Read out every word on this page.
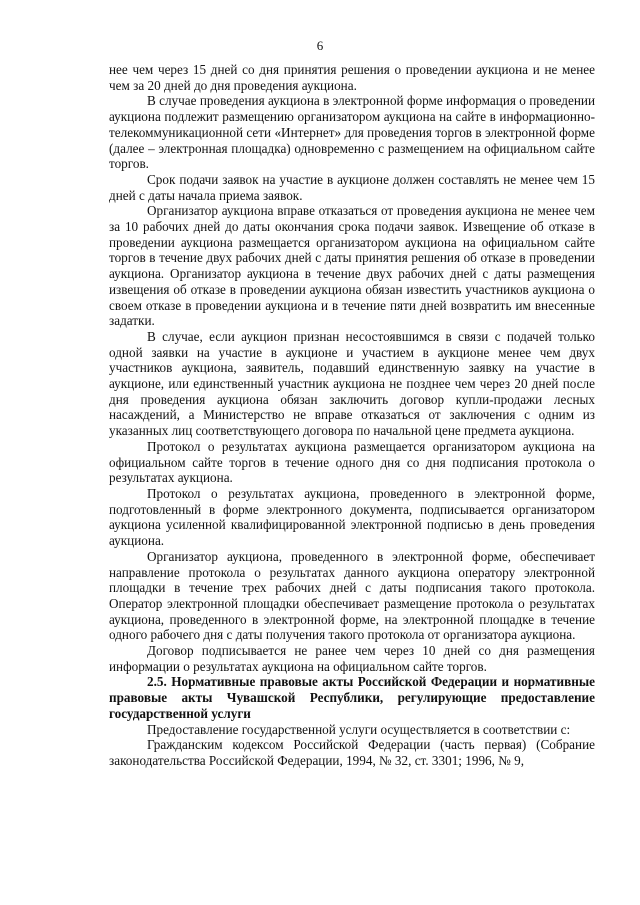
6

нее чем через 15 дней со дня принятия решения о проведении аукциона и не менее чем за 20 дней до дня проведения аукциона.

В случае проведения аукциона в электронной форме информация о проведении аукциона подлежит размещению организатором аукциона на сайте в информационно-телекоммуникационной сети «Интернет» для проведения торгов в электронной форме (далее – электронная площадка) одновременно с размещением на официальном сайте торгов.

Срок подачи заявок на участие в аукционе должен составлять не менее чем 15 дней с даты начала приема заявок.

Организатор аукциона вправе отказаться от проведения аукциона не менее чем за 10 рабочих дней до даты окончания срока подачи заявок. Извещение об отказе в проведении аукциона размещается организатором аукциона на официальном сайте торгов в течение двух рабочих дней с даты принятия решения об отказе в проведении аукциона. Организатор аукциона в течение двух рабочих дней с даты размещения извещения об отказе в проведении аукциона обязан известить участников аукциона о своем отказе в проведении аукциона и в течение пяти дней возвратить им внесенные задатки.

В случае, если аукцион признан несостоявшимся в связи с подачей только одной заявки на участие в аукционе и участием в аукционе менее чем двух участников аукциона, заявитель, подавший единственную заявку на участие в аукционе, или единственный участник аукциона не позднее чем через 20 дней после дня проведения аукциона обязан заключить договор купли-продажи лесных насаждений, а Министерство не вправе отказаться от заключения с одним из указанных лиц соответствующего договора по начальной цене предмета аукциона.

Протокол о результатах аукциона размещается организатором аукциона на официальном сайте торгов в течение одного дня со дня подписания протокола о результатах аукциона.

Протокол о результатах аукциона, проведенного в электронной форме, подготовленный в форме электронного документа, подписывается организатором аукциона усиленной квалифицированной электронной подписью в день проведения аукциона.

Организатор аукциона, проведенного в электронной форме, обеспечивает направление протокола о результатах данного аукциона оператору электронной площадки в течение трех рабочих дней с даты подписания такого протокола. Оператор электронной площадки обеспечивает размещение протокола о результатах аукциона, проведенного в электронной форме, на электронной площадке в течение одного рабочего дня с даты получения такого протокола от организатора аукциона.

Договор подписывается не ранее чем через 10 дней со дня размещения информации о результатах аукциона на официальном сайте торгов.

2.5. Нормативные правовые акты Российской Федерации и нормативные правовые акты Чувашской Республики, регулирующие предоставление государственной услуги

Предоставление государственной услуги осуществляется в соответствии с:

Гражданским кодексом Российской Федерации (часть первая) (Собрание законодательства Российской Федерации, 1994, № 32, ст. 3301; 1996, № 9,
